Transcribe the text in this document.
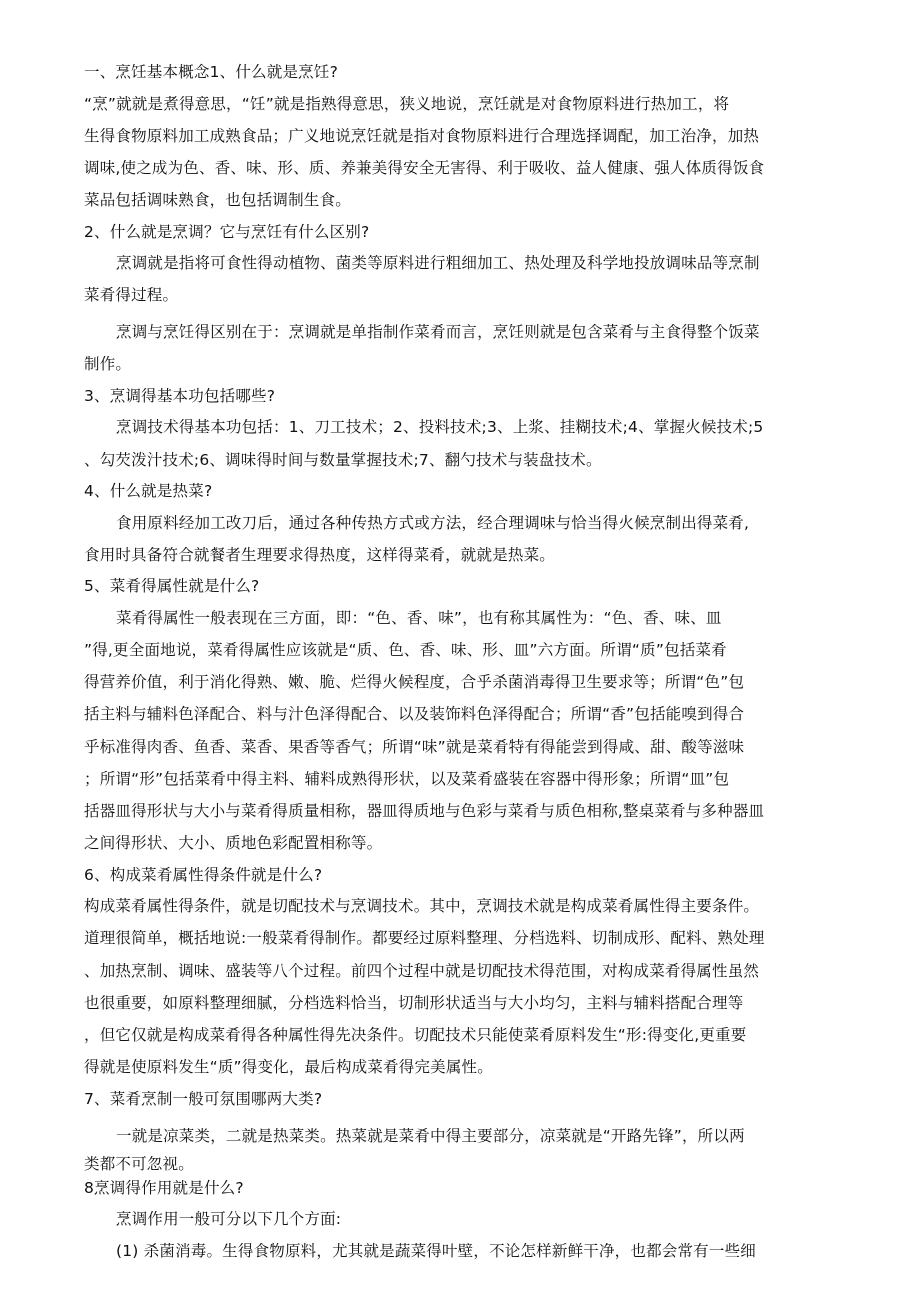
一、烹饪基本概念1、什么就是烹饪?

“烹”就就是煮得意思，“饪”就是指熟得意思，狭义地说，烹饪就是对食物原料进行热加工，将

生得食物原料加工成熟食品；广义地说烹饪就是指对食物原料进行合理选择调配，加工治净，加热

调味,使之成为色、香、味、形、质、养兼美得安全无害得、利于吸收、益人健康、强人体质得饭食

菜品包括调味熟食，也包括调制生食。

2、什么就是烹调？它与烹饪有什么区别?

烹调就是指将可食性得动植物、菌类等原料进行粗细加工、热处理及科学地投放调味品等烹制

菜肴得过程。

烹调与烹饪得区别在于：烹调就是单指制作菜肴而言，烹饪则就是包含菜肴与主食得整个饭菜

制作。

3、烹调得基本功包括哪些?

烹调技术得基本功包括：1、刀工技术；2、投料技术;3、上浆、挂糊技术;4、掌握火候技术;5

、勾芡泼汁技术;6、调味得时间与数量掌握技术;7、翻勺技术与装盘技术。

4、什么就是热菜?

食用原料经加工改刀后，通过各种传热方式或方法，经合理调味与恰当得火候烹制出得菜肴,

食用时具备符合就餐者生理要求得热度，这样得菜肴，就就是热菜。

5、菜肴得属性就是什么?

菜肴得属性一般表现在三方面，即：“色、香、味”，也有称其属性为：“色、香、味、皿

”得,更全面地说，菜肴得属性应该就是“质、色、香、味、形、皿”六方面。所谓“质”包括菜肴

得营养价值，利于消化得熟、嫩、脆、烂得火候程度，合乎杀菌消毒得卫生要求等；所谓“色”包

括主料与辅料色泽配合、料与汁色泽得配合、以及装饰料色泽得配合；所谓“香”包括能嗅到得合

乎标准得肉香、鱼香、菜香、果香等香气；所谓“味”就是菜肴特有得能尝到得咸、甜、酸等滋味

；所谓“形”包括菜肴中得主料、辅料成熟得形状，以及菜肴盛装在容器中得形象；所谓“皿”包

括器皿得形状与大小与菜肴得质量相称，器皿得质地与色彩与菜肴与质色相称,整桌菜肴与多种器皿

之间得形状、大小、质地色彩配置相称等。

6、构成菜肴属性得条件就是什么?

构成菜肴属性得条件，就是切配技术与烹调技术。其中，烹调技术就是构成菜肴属性得主要条件。

道理很简单，概括地说:一般菜肴得制作。都要经过原料整理、分档选料、切制成形、配料、熟处理

、加热烹制、调味、盛装等八个过程。前四个过程中就是切配技术得范围，对构成菜肴得属性虽然

也很重要，如原料整理细腻，分档选料恰当，切制形状适当与大小均匀，主料与辅料搭配合理等

，但它仅就是构成菜肴得各种属性得先决条件。切配技术只能使菜肴原料发生“形:得变化,更重要

得就是使原料发生“质”得变化，最后构成菜肴得完美属性。

7、菜肴烹制一般可氛围哪两大类?

一就是凉菜类，二就是热菜类。热菜就是菜肴中得主要部分，凉菜就是“开路先锋”，所以两

类都不可忽视。

8烹调得作用就是什么?

烹调作用一般可分以下几个方面:

(1) 杀菌消毒。生得食物原料，尤其就是蔬菜得叶壁，不论怎样新鲜干净，也都会常有一些细
